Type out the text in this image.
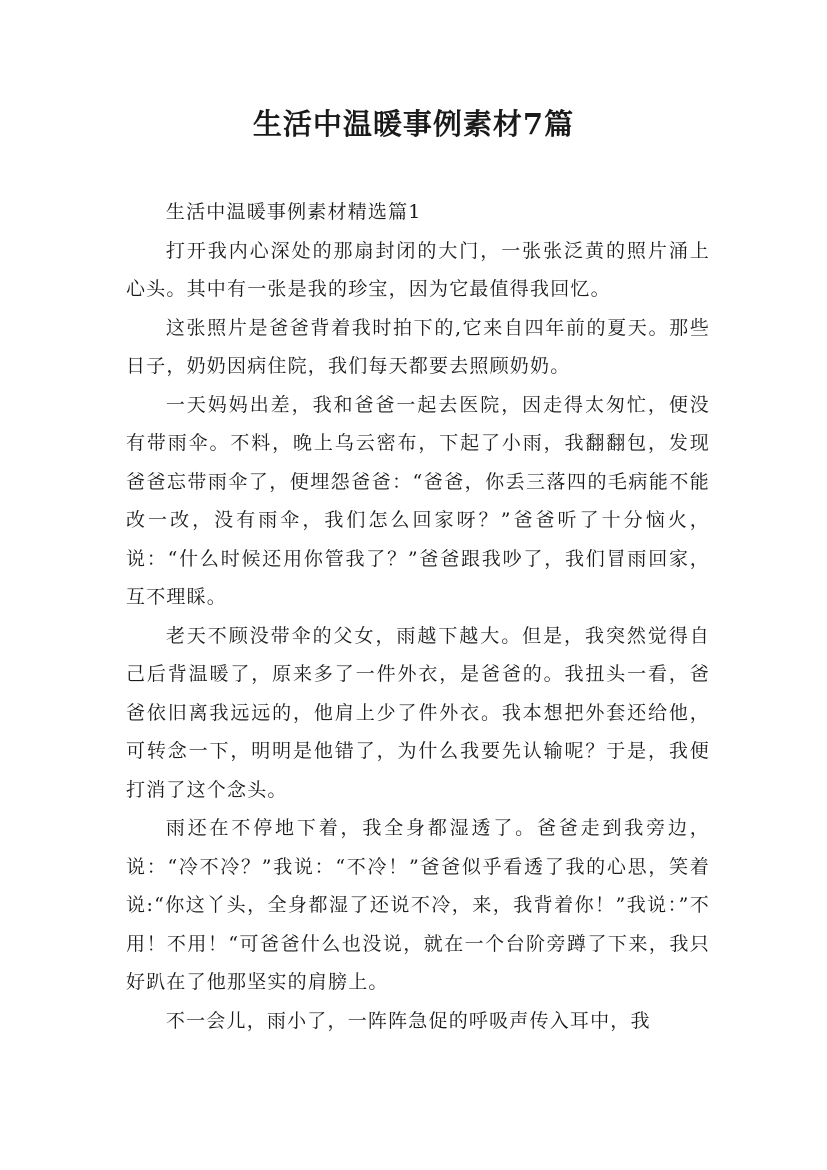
生活中温暖事例素材7篇

生活中温暖事例素材精选篇1

打开我内心深处的那扇封闭的大门，一张张泛黄的照片涌上心头。其中有一张是我的珍宝，因为它最值得我回忆。

这张照片是爸爸背着我时拍下的,它来自四年前的夏天。那些日子，奶奶因病住院，我们每天都要去照顾奶奶。

一天妈妈出差，我和爸爸一起去医院，因走得太匆忙，便没有带雨伞。不料，晚上乌云密布，下起了小雨，我翻翻包，发现爸爸忘带雨伞了，便埋怨爸爸：“爸爸，你丢三落四的毛病能不能改一改，没有雨伞，我们怎么回家呀？”爸爸听了十分恼火，说：“什么时候还用你管我了？”爸爸跟我吵了，我们冒雨回家，互不理睬。

老天不顾没带伞的父女，雨越下越大。但是，我突然觉得自己后背温暖了，原来多了一件外衣，是爸爸的。我扭头一看，爸爸依旧离我远远的，他肩上少了件外衣。我本想把外套还给他，可转念一下，明明是他错了，为什么我要先认输呢？于是，我便打消了这个念头。

雨还在不停地下着，我全身都湿透了。爸爸走到我旁边，说：“冷不冷？”我说：“不冷！”爸爸似乎看透了我的心思，笑着说:“你这丫头，全身都湿了还说不冷，来，我背着你！”我说：”不用！不用！“可爸爸什么也没说，就在一个台阶旁蹲了下来，我只好趴在了他那坚实的肩膀上。

不一会儿，雨小了，一阵阵急促的呼吸声传入耳中，我
